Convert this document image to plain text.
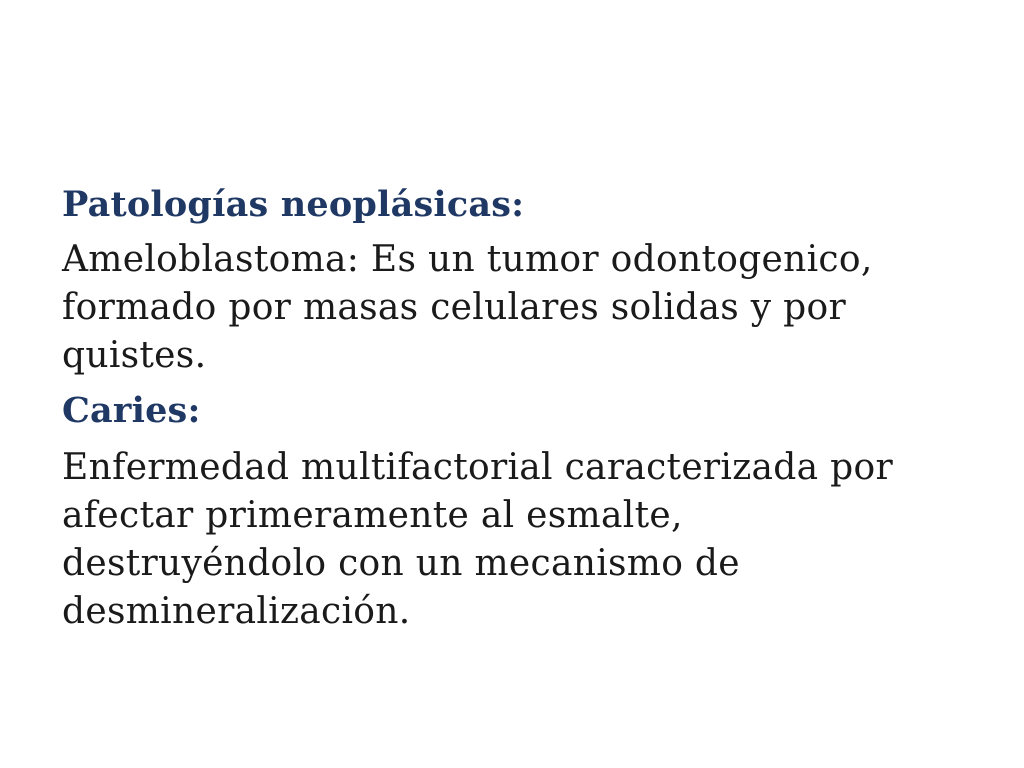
Patologías neoplásicas:

Ameloblastoma: Es un tumor odontogenico,

formado por masas celulares solidas y por

quistes.

Caries:

Enfermedad multifactorial caracterizada por

afectar primeramente al esmalte,

destruyéndolo con un mecanismo de

desmineralización.
